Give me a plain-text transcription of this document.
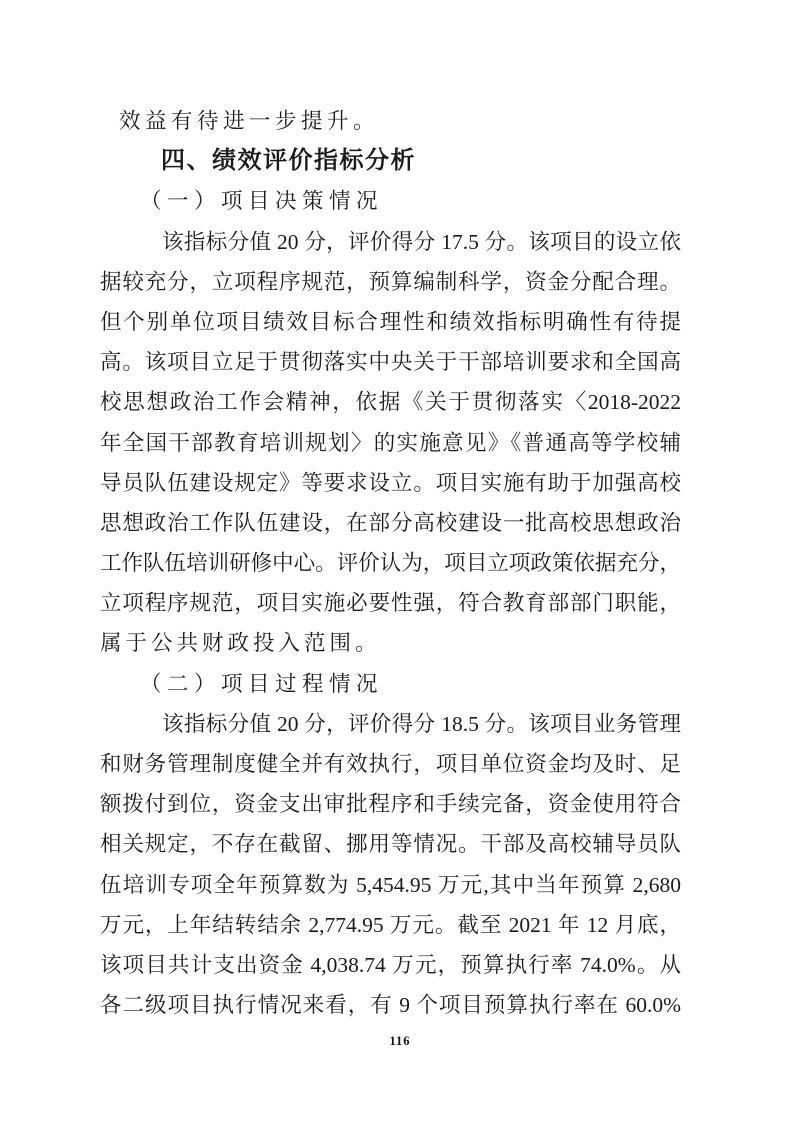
效益有待进一步提升。
四、绩效评价指标分析
（一）项目决策情况
该指标分值 20 分，评价得分 17.5 分。该项目的设立依
据较充分，立项程序规范，预算编制科学，资金分配合理。
但个别单位项目绩效目标合理性和绩效指标明确性有待提
高。该项目立足于贯彻落实中央关于干部培训要求和全国高
校思想政治工作会精神，依据《关于贯彻落实〈2018-2022
年全国干部教育培训规划〉的实施意见》《普通高等学校辅
导员队伍建设规定》等要求设立。项目实施有助于加强高校
思想政治工作队伍建设，在部分高校建设一批高校思想政治
工作队伍培训研修中心。评价认为，项目立项政策依据充分，
立项程序规范，项目实施必要性强，符合教育部部门职能，
属于公共财政投入范围。
（二）项目过程情况
该指标分值 20 分，评价得分 18.5 分。该项目业务管理
和财务管理制度健全并有效执行，项目单位资金均及时、足
额拨付到位，资金支出审批程序和手续完备，资金使用符合
相关规定，不存在截留、挪用等情况。干部及高校辅导员队
伍培训专项全年预算数为 5,454.95 万元,其中当年预算 2,680
万元，上年结转结余 2,774.95 万元。截至 2021 年 12 月底，
该项目共计支出资金 4,038.74 万元，预算执行率 74.0%。从
各二级项目执行情况来看，有 9 个项目预算执行率在 60.0%
116
